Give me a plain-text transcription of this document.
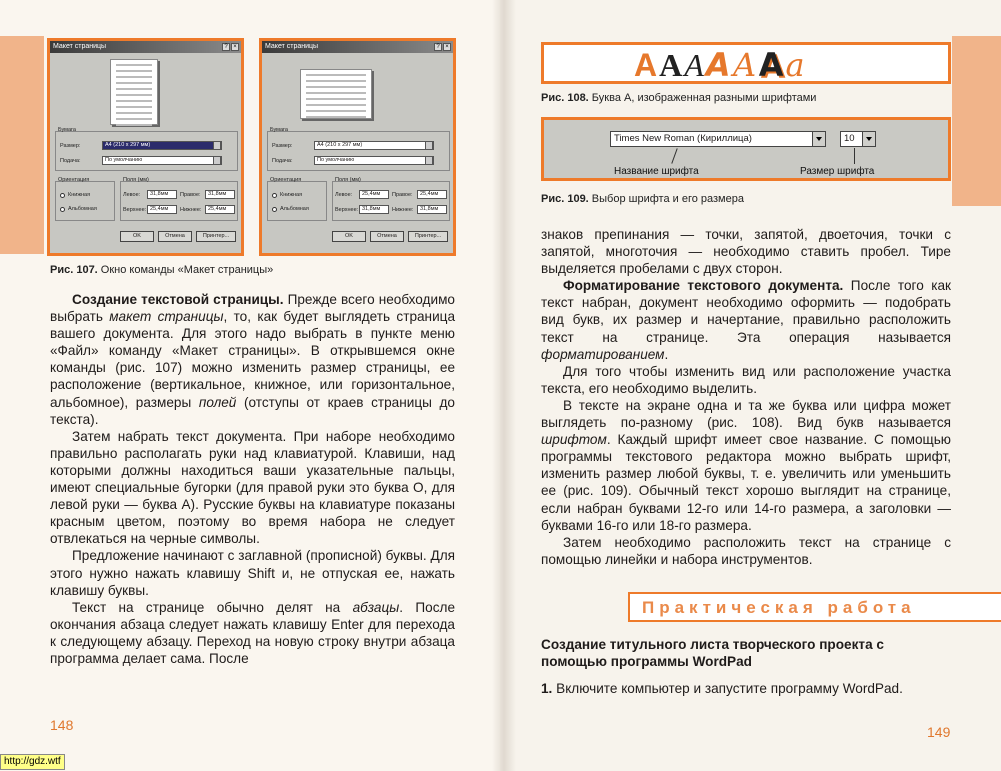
Макет страницы	? ×
Бумага
Размер:	A4 (210 x 297 мм)
Подача:	По умолчанию
Ориентация
Книжная
Альбомная
Поля (мм)
Левое:	31,8мм	Правое:	31,8мм
Верхнее: 25,4мм	Нижнее:	25,4мм
OK	Отмена	Принтер...
Макет страницы	? ×
Бумага
Размер:	A4 (210 x 297 мм)
Подача:	По умолчанию
Ориентация
Книжная
Альбомная
Поля (мм)
Левое:	25,4мм	Правое:	25,4мм
Верхнее: 31,8мм	Нижнее:	31,8мм
OK	Отмена	Принтер...
Рис. 107. Окно команды «Макет страницы»

Создание текстовой страницы. Прежде всего необходимо выбрать макет страницы, то, как будет выглядеть страница вашего документа. Для этого надо выбрать в пункте меню «Файл» команду «Макет страницы». В открывшемся окне команды (рис. 107) можно изменить размер страницы, ее расположение (вертикальное, книжное, или горизонтальное, альбомное), размеры полей (отступы от краев страницы до текста).

Затем набрать текст документа. При наборе необходимо правильно располагать руки над клавиатурой. Клавиши, над которыми должны находиться ваши указательные пальцы, имеют специальные бугорки (для правой руки это буква О, для левой руки — буква А). Русские буквы на клавиатуре показаны красным цветом, поэтому во время набора не следует отвлекаться на черные символы.

Предложение начинают с заглавной (прописной) буквы. Для этого нужно нажать клавишу Shift и, не отпуская ее, нажать клавишу буквы.

Текст на странице обычно делят на абзацы. После окончания абзаца следует нажать клавишу Enter для перехода к следующему абзацу. Переход на новую строку внутри абзаца программа делает сама. После

148
А А А А А А a
Рис. 108. Буква А, изображенная разными шрифтами
Times New Roman (Кириллица)	10
Название шрифта	Размер шрифта
Рис. 109. Выбор шрифта и его размера

знаков препинания — точки, запятой, двоеточия, точки с запятой, многоточия — необходимо ставить пробел. Тире выделяется пробелами с двух сторон.

Форматирование текстового документа. После того как текст набран, документ необходимо оформить — подобрать вид букв, их размер и начертание, правильно расположить текст на странице. Эта операция называется форматированием.

Для того чтобы изменить вид или расположение участка текста, его необходимо выделить.

В тексте на экране одна и та же буква или цифра может выглядеть по-разному (рис. 108). Вид букв называется шрифтом. Каждый шрифт имеет свое название. С помощью программы текстового редактора можно выбрать шрифт, изменить размер любой буквы, т. е. увеличить или уменьшить ее (рис. 109). Обычный текст хорошо выглядит на странице, если набран буквами 12-го или 14-го размера, а заголовки — буквами 16-го или 18-го размера.

Затем необходимо расположить текст на странице с помощью линейки и набора инструментов.

Практическая работа
Создание титульного листа творческого проекта с помощью программы WordPad
1. Включите компьютер и запустите программу WordPad.
149
http://gdz.wtf
